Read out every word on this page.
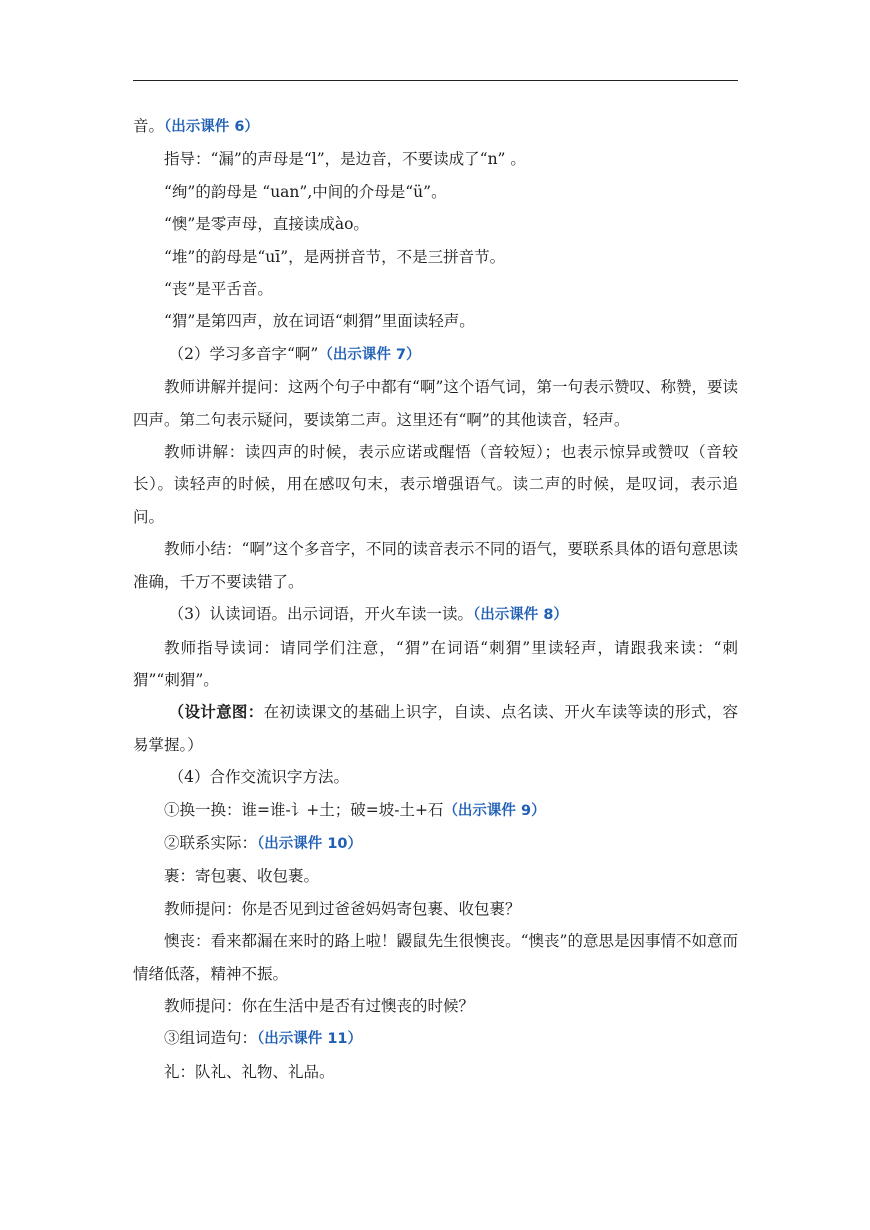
音。（出示课件 6）

指导：“漏”的声母是“l”，是边音，不要读成了“n” 。

“绚”的韵母是 “uan”,中间的介母是“ü”。

“懊”是零声母，直接读成ào。

“堆”的韵母是“uī”，是两拼音节，不是三拼音节。

“丧”是平舌音。

“猬”是第四声，放在词语“刺猬”里面读轻声。

（2）学习多音字“啊”（出示课件 7）

教师讲解并提问：这两个句子中都有“啊”这个语气词，第一句表示赞叹、称赞，要读四声。第二句表示疑问，要读第二声。这里还有“啊”的其他读音，轻声。

教师讲解：读四声的时候，表示应诺或醒悟（音较短）；也表示惊异或赞叹（音较长）。读轻声的时候，用在感叹句末，表示增强语气。读二声的时候，是叹词，表示追问。

教师小结：“啊”这个多音字，不同的读音表示不同的语气，要联系具体的语句意思读准确，千万不要读错了。

（3）认读词语。出示词语，开火车读一读。（出示课件 8）

教师指导读词：请同学们注意，“猬”在词语“刺猬”里读轻声，请跟我来读：“刺猬”“刺猬”。

（设计意图：在初读课文的基础上识字，自读、点名读、开火车读等读的形式，容易掌握。）

（4）合作交流识字方法。

①换一换：谁=谁-讠+土；破=坡-土+石（出示课件 9）

②联系实际：（出示课件 10）

裹：寄包裹、收包裹。

教师提问：你是否见到过爸爸妈妈寄包裹、收包裹？

懊丧：看来都漏在来时的路上啦！鼹鼠先生很懊丧。“懊丧”的意思是因事情不如意而情绪低落，精神不振。

教师提问：你在生活中是否有过懊丧的时候？

③组词造句：（出示课件 11）

礼：队礼、礼物、礼品。
